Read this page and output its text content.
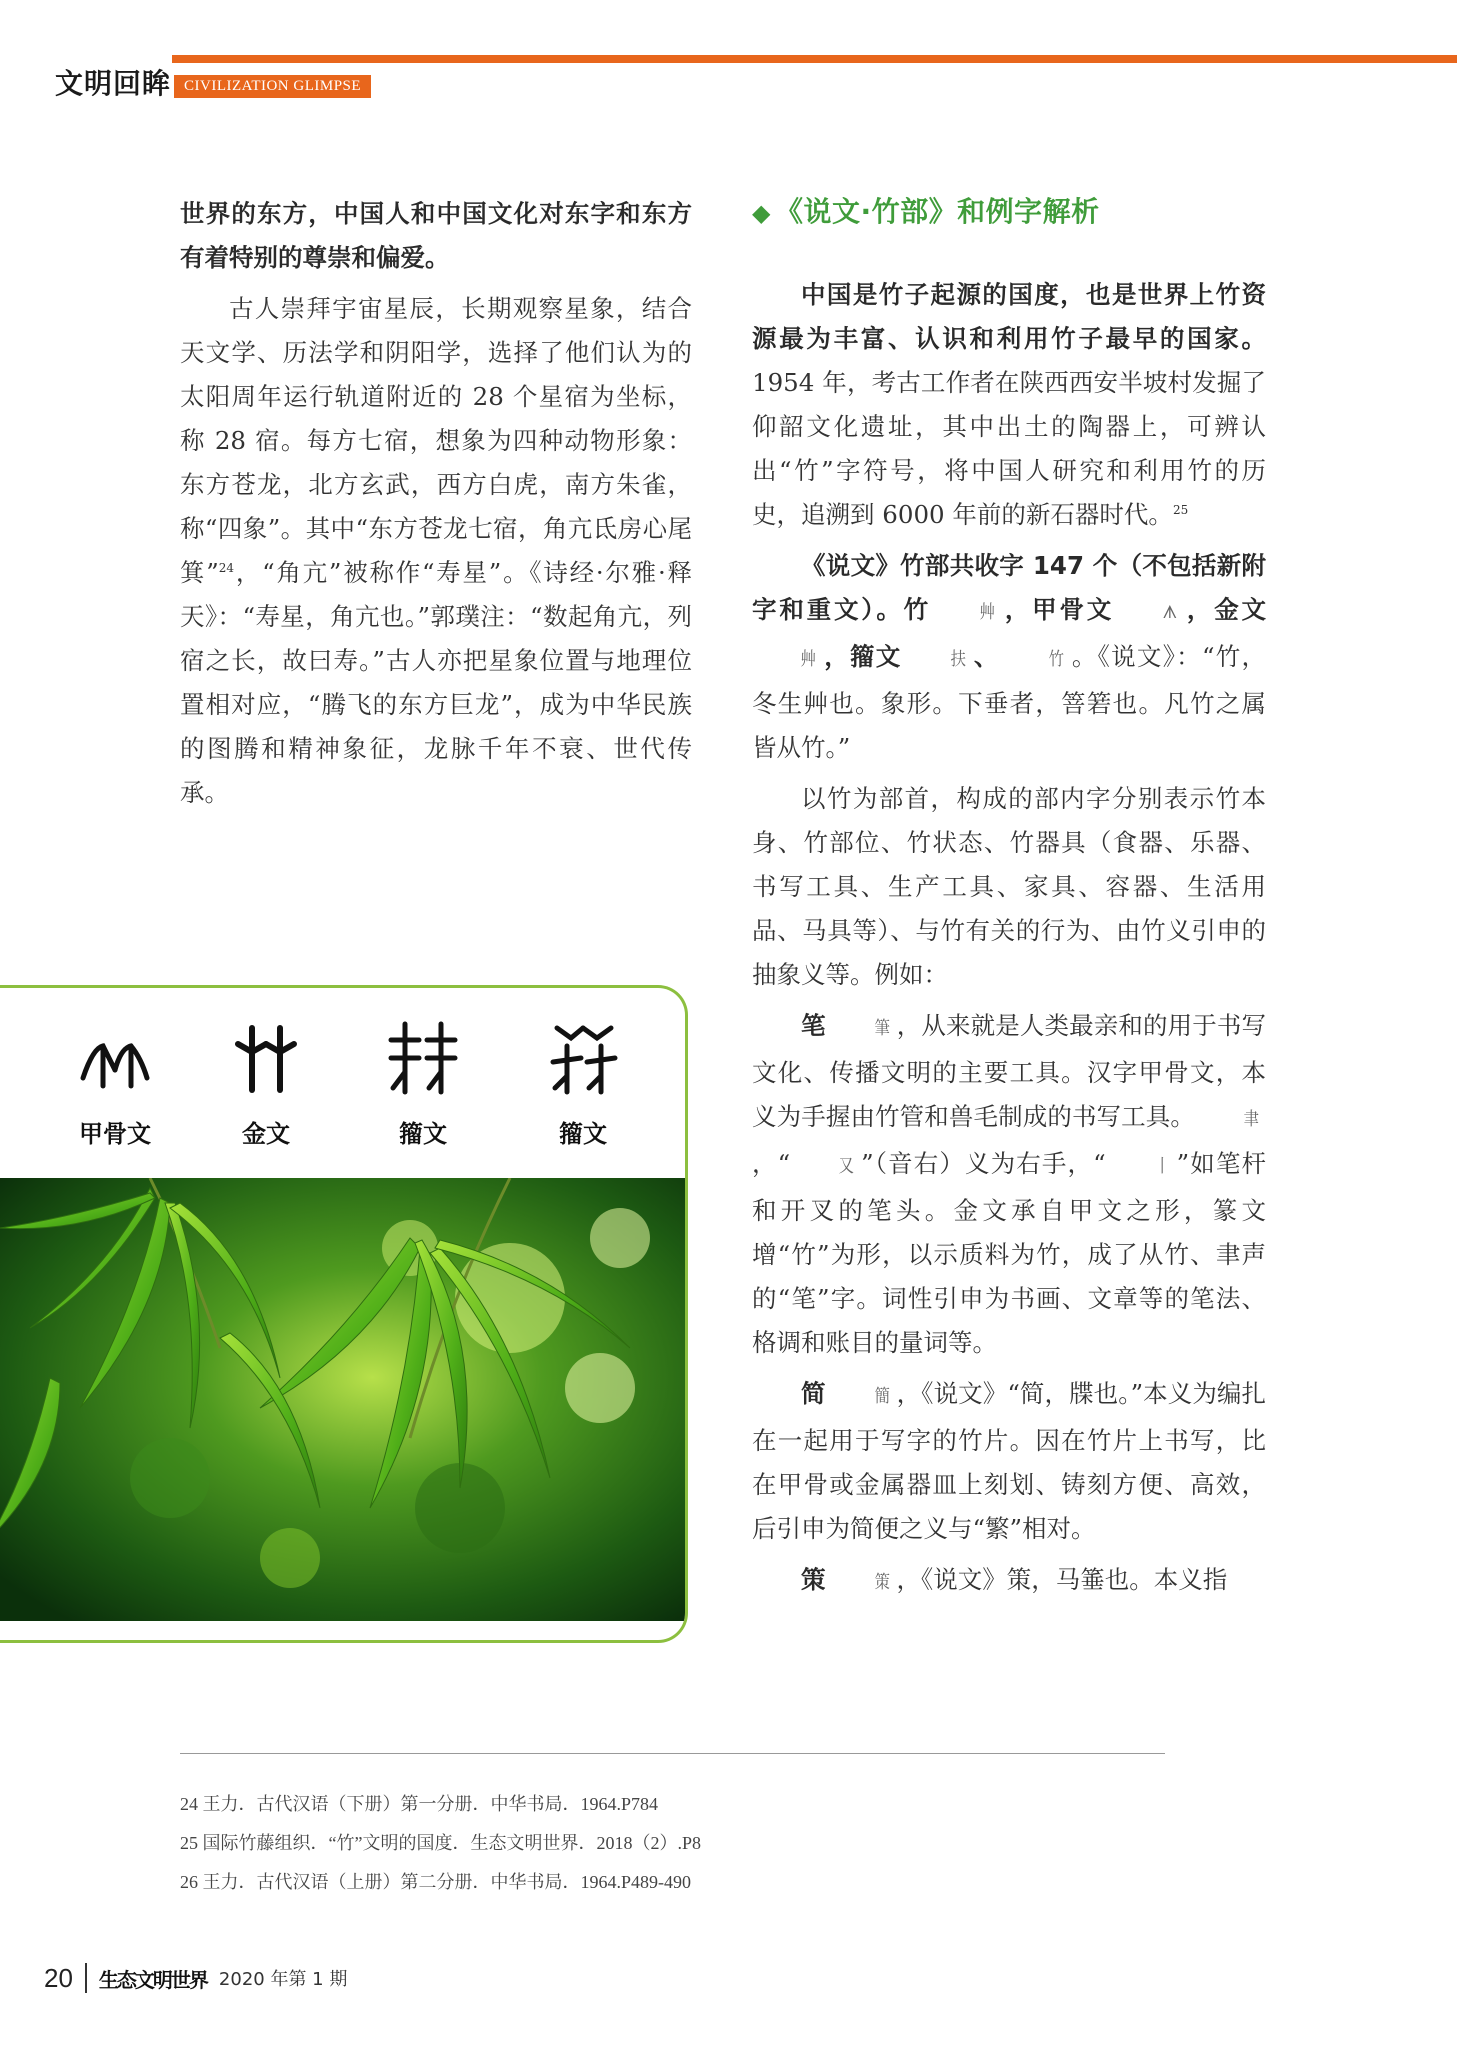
文明回眸 CIVILIZATION GLIMPSE

世界的东方，中国人和中国文化对东字和东方有着特别的尊崇和偏爱。

古人崇拜宇宙星辰，长期观察星象，结合天文学、历法学和阴阳学，选择了他们认为的太阳周年运行轨道附近的 28 个星宿为坐标，称 28 宿。每方七宿，想象为四种动物形象：东方苍龙，北方玄武，西方白虎，南方朱雀，称“四象”。其中“东方苍龙七宿，角亢氐房心尾箕”$^{24}$，“角亢”被称作“寿星”。《诗经·尔雅·释天》：“寿星，角亢也。”郭璞注：“数起角亢，列宿之长，故曰寿。”古人亦把星象位置与地理位置相对应，“腾飞的东方巨龙”，成为中华民族的图腾和精神象征，龙脉千年不衰、世代传承。

◆ 《说文·竹部》和例字解析

中国是竹子起源的国度，也是世界上竹资源最为丰富、认识和利用竹子最早的国家。1954 年，考古工作者在陕西西安半坡村发掘了仰韶文化遗址，其中出土的陶器上，可辨认出“竹”字符号，将中国人研究和利用竹的历史，追溯到 6000 年前的新石器时代。$^{25}$

《说文》竹部共收字 147 个（不包括新附字和重文）。竹	艸 ，甲骨文	ᗑ ，金文艸 ，籀文	扶 、	竹 。《说文》：“竹，冬生艸也。象形。下垂者，箁箬也。凡竹之属皆从竹。”

以竹为部首，构成的部内字分别表示竹本身、竹部位、竹状态、竹器具（食器、乐器、书写工具、生产工具、家具、容器、生活用品、马具等）、与竹有关的行为、由竹义引申的抽象义等。例如：

笔	筆 ，从来就是人类最亲和的用于书写文化、传播文明的主要工具。汉字甲骨文，本义为手握由竹管和兽毛制成的书写工具。	聿，“	又 ”（音右）义为右手，“	丨 ”如笔杆和开叉的笔头。金文承自甲文之形，篆文增“竹”为形，以示质料为竹，成了从竹、聿声的“笔”字。词性引申为书画、文章等的笔法、格调和账目的量词等。

简	簡 ，《说文》“简，牒也。”本义为编扎在一起用于写字的竹片。因在竹片上书写，比在甲骨或金属器皿上刻划、铸刻方便、高效，后引申为简便之义与“繁”相对。

策	策 ，《说文》策，马箠也。本义指

甲骨文	金文	籀文	籀文
24 王力．古代汉语（下册）第一分册．中华书局．1964.P784
25 国际竹藤组织．“竹”文明的国度．生态文明世界．2018（2）.P8
26 王力．古代汉语（上册）第二分册．中华书局．1964.P489-490
20 生态文明世界 2020 年第 1 期
